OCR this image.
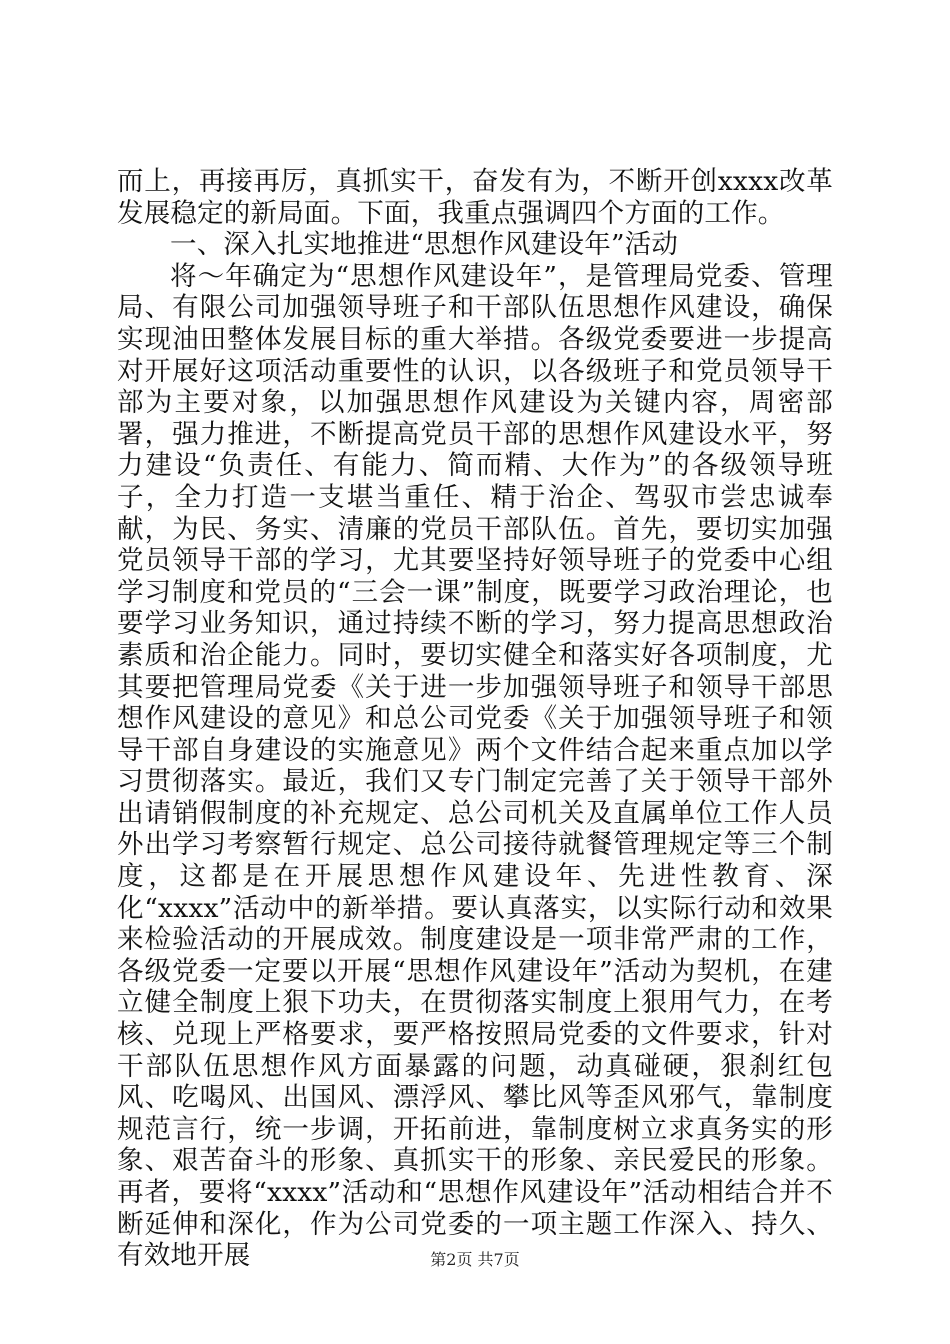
而上，再接再厉，真抓实干，奋发有为，不断开创xxxx改革发展稳定的新局面。下面，我重点强调四个方面的工作。

一、深入扎实地推进“思想作风建设年”活动

将～年确定为“思想作风建设年”，是管理局党委、管理局、有限公司加强领导班子和干部队伍思想作风建设，确保实现油田整体发展目标的重大举措。各级党委要进一步提高对开展好这项活动重要性的认识，以各级班子和党员领导干部为主要对象，以加强思想作风建设为关键内容，周密部署，强力推进，不断提高党员干部的思想作风建设水平，努力建设“负责任、有能力、简而精、大作为”的各级领导班子，全力打造一支堪当重任、精于治企、驾驭市尝忠诚奉献，为民、务实、清廉的党员干部队伍。首先，要切实加强党员领导干部的学习，尤其要坚持好领导班子的党委中心组学习制度和党员的“三会一课”制度，既要学习政治理论，也要学习业务知识，通过持续不断的学习，努力提高思想政治素质和治企能力。同时，要切实健全和落实好各项制度，尤其要把管理局党委《关于进一步加强领导班子和领导干部思想作风建设的意见》和总公司党委《关于加强领导班子和领导干部自身建设的实施意见》两个文件结合起来重点加以学习贯彻落实。最近，我们又专门制定完善了关于领导干部外出请销假制度的补充规定、总公司机关及直属单位工作人员外出学习考察暂行规定、总公司接待就餐管理规定等三个制度，这都是在开展思想作风建设年、先进性教育、深化“xxxx”活动中的新举措。要认真落实，以实际行动和效果来检验活动的开展成效。制度建设是一项非常严肃的工作，各级党委一定要以开展“思想作风建设年”活动为契机，在建立健全制度上狠下功夫，在贯彻落实制度上狠用气力，在考核、兑现上严格要求，要严格按照局党委的文件要求，针对干部队伍思想作风方面暴露的问题，动真碰硬，狠刹红包风、吃喝风、出国风、漂浮风、攀比风等歪风邪气，靠制度规范言行，统一步调，开拓前进，靠制度树立求真务实的形象、艰苦奋斗的形象、真抓实干的形象、亲民爱民的形象。再者，要将“xxxx”活动和“思想作风建设年”活动相结合并不断延伸和深化，作为公司党委的一项主题工作深入、持久、有效地开展	第2页 共7页
